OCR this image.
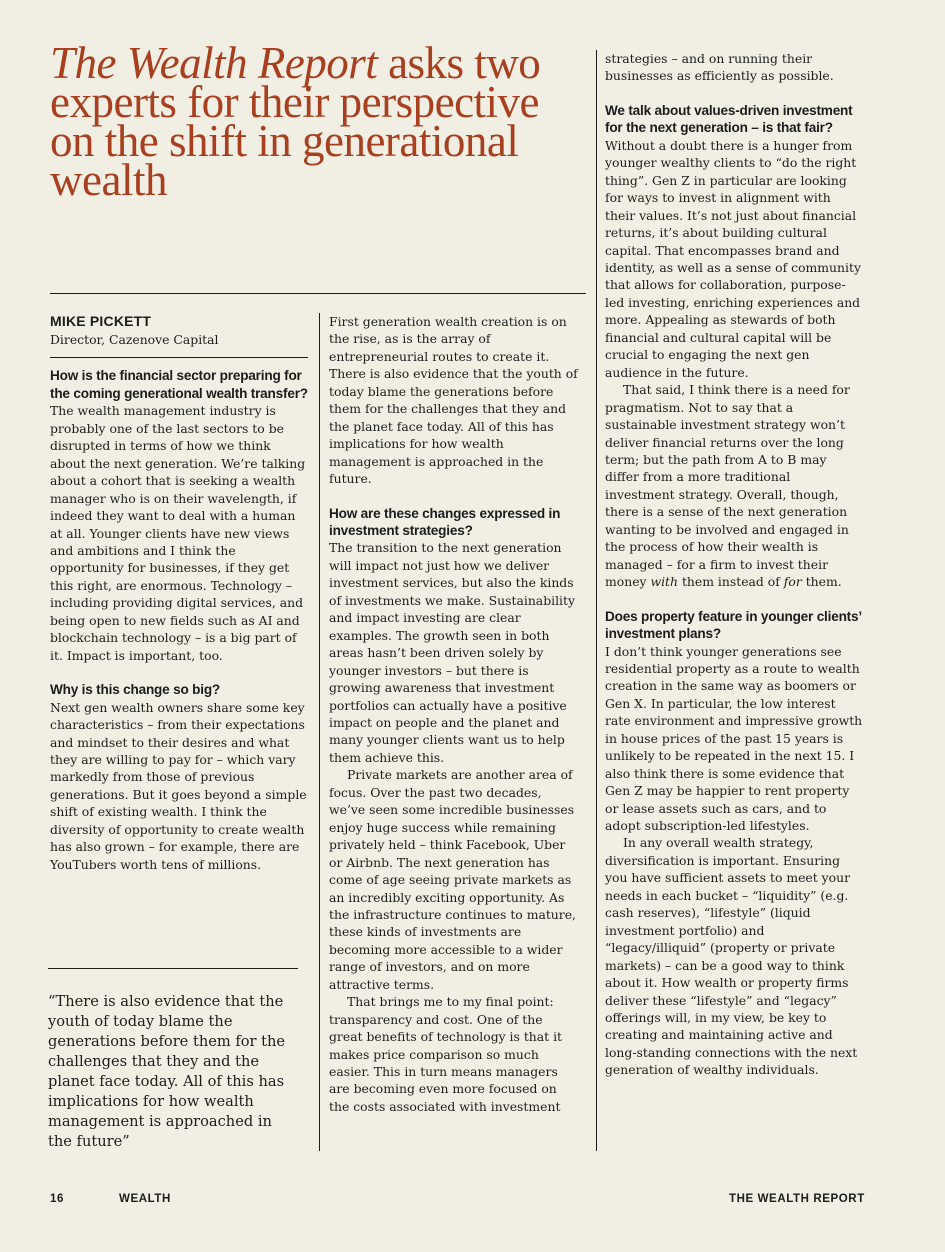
The Wealth Report asks two experts for their perspective on the shift in generational wealth
MIKE PICKETT
Director, Cazenove Capital

How is the financial sector preparing for the coming generational wealth transfer?

The wealth management industry is probably one of the last sectors to be disrupted in terms of how we think about the next generation. We’re talking about a cohort that is seeking a wealth manager who is on their wavelength, if indeed they want to deal with a human at all. Younger clients have new views and ambitions and I think the opportunity for businesses, if they get this right, are enormous. Technology – including providing digital services, and being open to new fields such as AI and blockchain technology – is a big part of it. Impact is important, too.

Why is this change so big?

Next gen wealth owners share some key characteristics – from their expectations and mindset to their desires and what they are willing to pay for – which vary markedly from those of previous generations. But it goes beyond a simple shift of existing wealth. I think the diversity of opportunity to create wealth has also grown – for example, there are YouTubers worth tens of millions.

“There is also evidence that the youth of today blame the generations before them for the challenges that they and the planet face today. All of this has implications for how wealth management is approached in the future”

First generation wealth creation is on the rise, as is the array of entrepreneurial routes to create it. There is also evidence that the youth of today blame the generations before them for the challenges that they and the planet face today. All of this has implications for how wealth management is approached in the future.

How are these changes expressed in investment strategies?

The transition to the next generation will impact not just how we deliver investment services, but also the kinds of investments we make. Sustainability and impact investing are clear examples. The growth seen in both areas hasn’t been driven solely by younger investors – but there is growing awareness that investment portfolios can actually have a positive impact on people and the planet and many younger clients want us to help them achieve this.

Private markets are another area of focus. Over the past two decades, we’ve seen some incredible businesses enjoy huge success while remaining privately held – think Facebook, Uber or Airbnb. The next generation has come of age seeing private markets as an incredibly exciting opportunity. As the infrastructure continues to mature, these kinds of investments are becoming more accessible to a wider range of investors, and on more attractive terms.

That brings me to my final point: transparency and cost. One of the great benefits of technology is that it makes price comparison so much easier. This in turn means managers are becoming even more focused on the costs associated with investment

strategies – and on running their businesses as efficiently as possible.

We talk about values-driven investment for the next generation – is that fair?

Without a doubt there is a hunger from younger wealthy clients to “do the right thing”. Gen Z in particular are looking for ways to invest in alignment with their values. It’s not just about financial returns, it’s about building cultural capital. That encompasses brand and identity, as well as a sense of community that allows for collaboration, purpose-led investing, enriching experiences and more. Appealing as stewards of both financial and cultural capital will be crucial to engaging the next gen audience in the future.

That said, I think there is a need for pragmatism. Not to say that a sustainable investment strategy won’t deliver financial returns over the long term; but the path from A to B may differ from a more traditional investment strategy. Overall, though, there is a sense of the next generation wanting to be involved and engaged in the process of how their wealth is managed – for a firm to invest their money with them instead of for them.

Does property feature in younger clients’ investment plans?

I don’t think younger generations see residential property as a route to wealth creation in the same way as boomers or Gen X. In particular, the low interest rate environment and impressive growth in house prices of the past 15 years is unlikely to be repeated in the next 15. I also think there is some evidence that Gen Z may be happier to rent property or lease assets such as cars, and to adopt subscription-led lifestyles.

In any overall wealth strategy, diversification is important. Ensuring you have sufficient assets to meet your needs in each bucket – “liquidity” (e.g. cash reserves), “lifestyle” (liquid investment portfolio) and “legacy/illiquid” (property or private markets) – can be a good way to think about it. How wealth or property firms deliver these “lifestyle” and “legacy” offerings will, in my view, be key to creating and maintaining active and long-standing connections with the next generation of wealthy individuals.

16	WEALTH	THE WEALTH REPORT
